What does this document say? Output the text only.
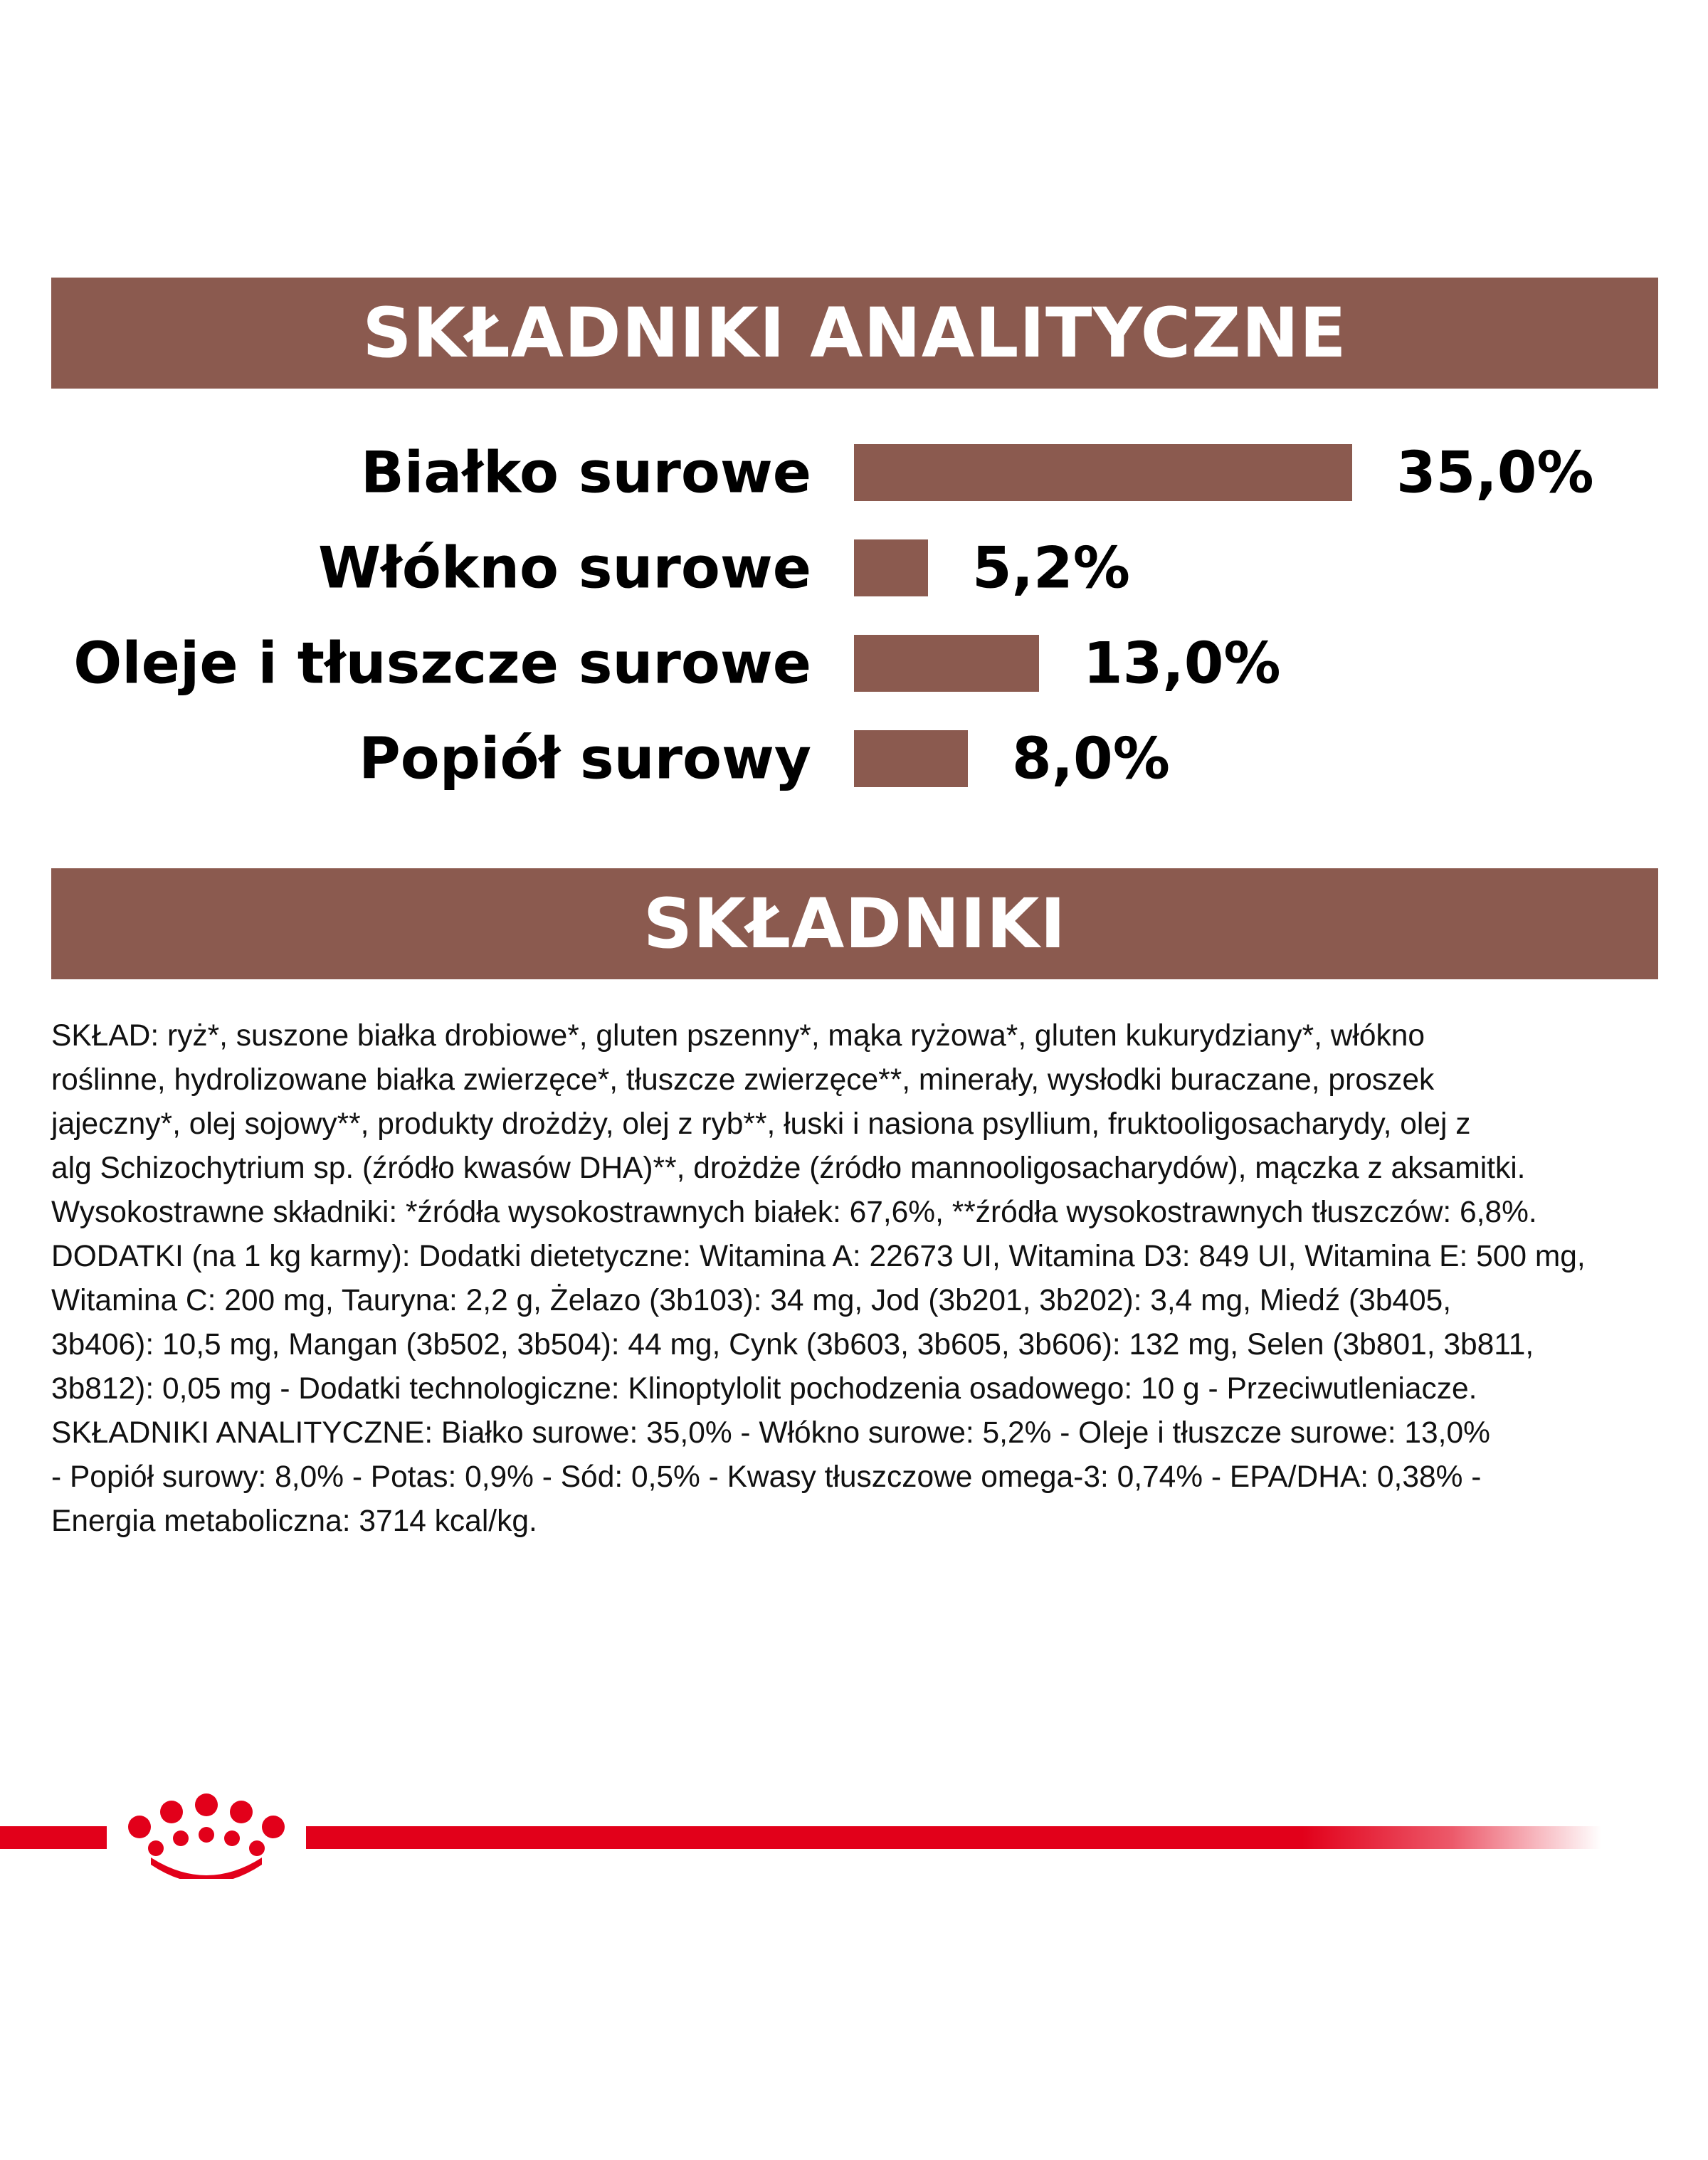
SKŁADNIKI ANALITYCZNE
Białko surowe	35,0%
Włókno surowe	5,2%
Oleje i tłuszcze surowe	13,0%
Popiół surowy	8,0%
SKŁADNIKI
SKŁAD: ryż*, suszone białka drobiowe*, gluten pszenny*, mąka ryżowa*, gluten kukurydziany*, włókno
roślinne, hydrolizowane białka zwierzęce*, tłuszcze zwierzęce**, minerały, wysłodki buraczane, proszek
jajeczny*, olej sojowy**, produkty drożdży, olej z ryb**, łuski i nasiona psyllium, fruktooligosacharydy, olej z
alg Schizochytrium sp. (źródło kwasów DHA)**, drożdże (źródło mannooligosacharydów), mączka z aksamitki.
Wysokostrawne składniki: *źródła wysokostrawnych białek: 67,6%, **źródła wysokostrawnych tłuszczów: 6,8%.
DODATKI (na 1 kg karmy): Dodatki dietetyczne: Witamina A: 22673 UI, Witamina D3: 849 UI, Witamina E: 500 mg,
Witamina C: 200 mg, Tauryna: 2,2 g, Żelazo (3b103): 34 mg, Jod (3b201, 3b202): 3,4 mg, Miedź (3b405,
3b406): 10,5 mg, Mangan (3b502, 3b504): 44 mg, Cynk (3b603, 3b605, 3b606): 132 mg, Selen (3b801, 3b811,
3b812): 0,05 mg - Dodatki technologiczne: Klinoptylolit pochodzenia osadowego: 10 g - Przeciwutleniacze.
SKŁADNIKI ANALITYCZNE: Białko surowe: 35,0% - Włókno surowe: 5,2% - Oleje i tłuszcze surowe: 13,0%
- Popiół surowy: 8,0% - Potas: 0,9% - Sód: 0,5% - Kwasy tłuszczowe omega-3: 0,74% - EPA/DHA: 0,38% -
Energia metaboliczna: 3714 kcal/kg.
